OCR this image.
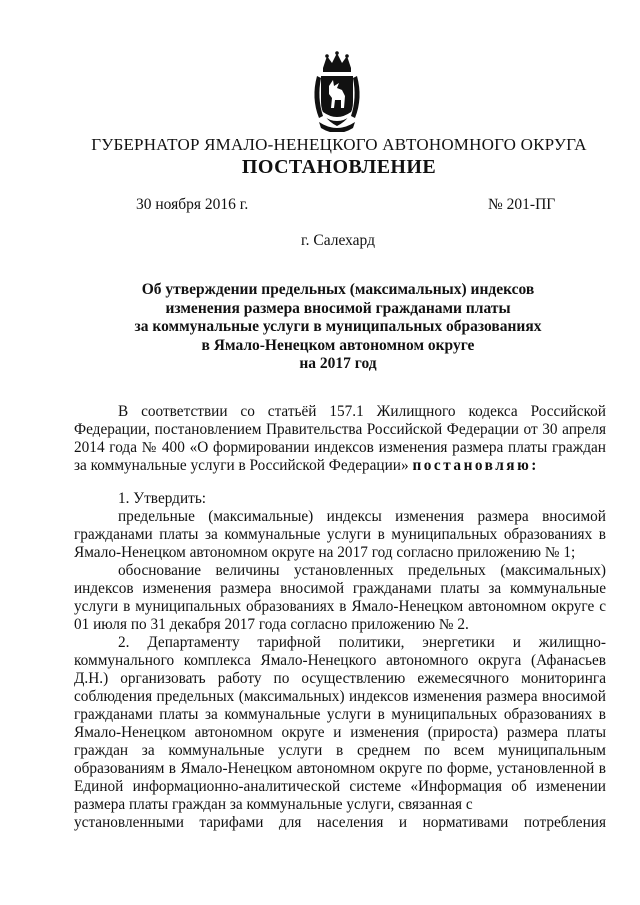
ГУБЕРНАТОР ЯМАЛО-НЕНЕЦКОГО АВТОНОМНОГО ОКРУГА
ПОСТАНОВЛЕНИЕ
30 ноября 2016 г.	№ 201-ПГ
г. Салехард
Об утверждении предельных (максимальных) индексов
изменения размера вносимой гражданами платы
за коммунальные услуги в муниципальных образованиях
в Ямало-Ненецком автономном округе
на 2017 год

В соответствии со статьёй 157.1 Жилищного кодекса Российской Федерации, постановлением Правительства Российской Федерации от 30 апреля 2014 года № 400 «О формировании индексов изменения размера платы граждан за коммунальные услуги в Российской Федерации» постановляю:

1. Утвердить:

предельные (максимальные) индексы изменения размера вносимой гражданами платы за коммунальные услуги в муниципальных образованиях в Ямало-Ненецком автономном округе на 2017 год согласно приложению № 1;

обоснование величины установленных предельных (максимальных) индексов изменения размера вносимой гражданами платы за коммунальные услуги в муниципальных образованиях в Ямало-Ненецком автономном округе с 01 июля по 31 декабря 2017 года согласно приложению № 2.

2. Департаменту тарифной политики, энергетики и жилищно-коммунального комплекса Ямало-Ненецкого автономного округа (Афанасьев Д.Н.) организовать работу по осуществлению ежемесячного мониторинга соблюдения предельных (максимальных) индексов изменения размера вносимой гражданами платы за коммунальные услуги в муниципальных образованиях в Ямало-Ненецком автономном округе и изменения (прироста) размера платы граждан за коммунальные услуги в среднем по всем муниципальным образованиям в Ямало-Ненецком автономном округе по форме, установленной в Единой информационно-аналитической системе «Информация об изменении размера платы граждан за коммунальные услуги, связанная с

установленными тарифами для населения и нормативами потребления
